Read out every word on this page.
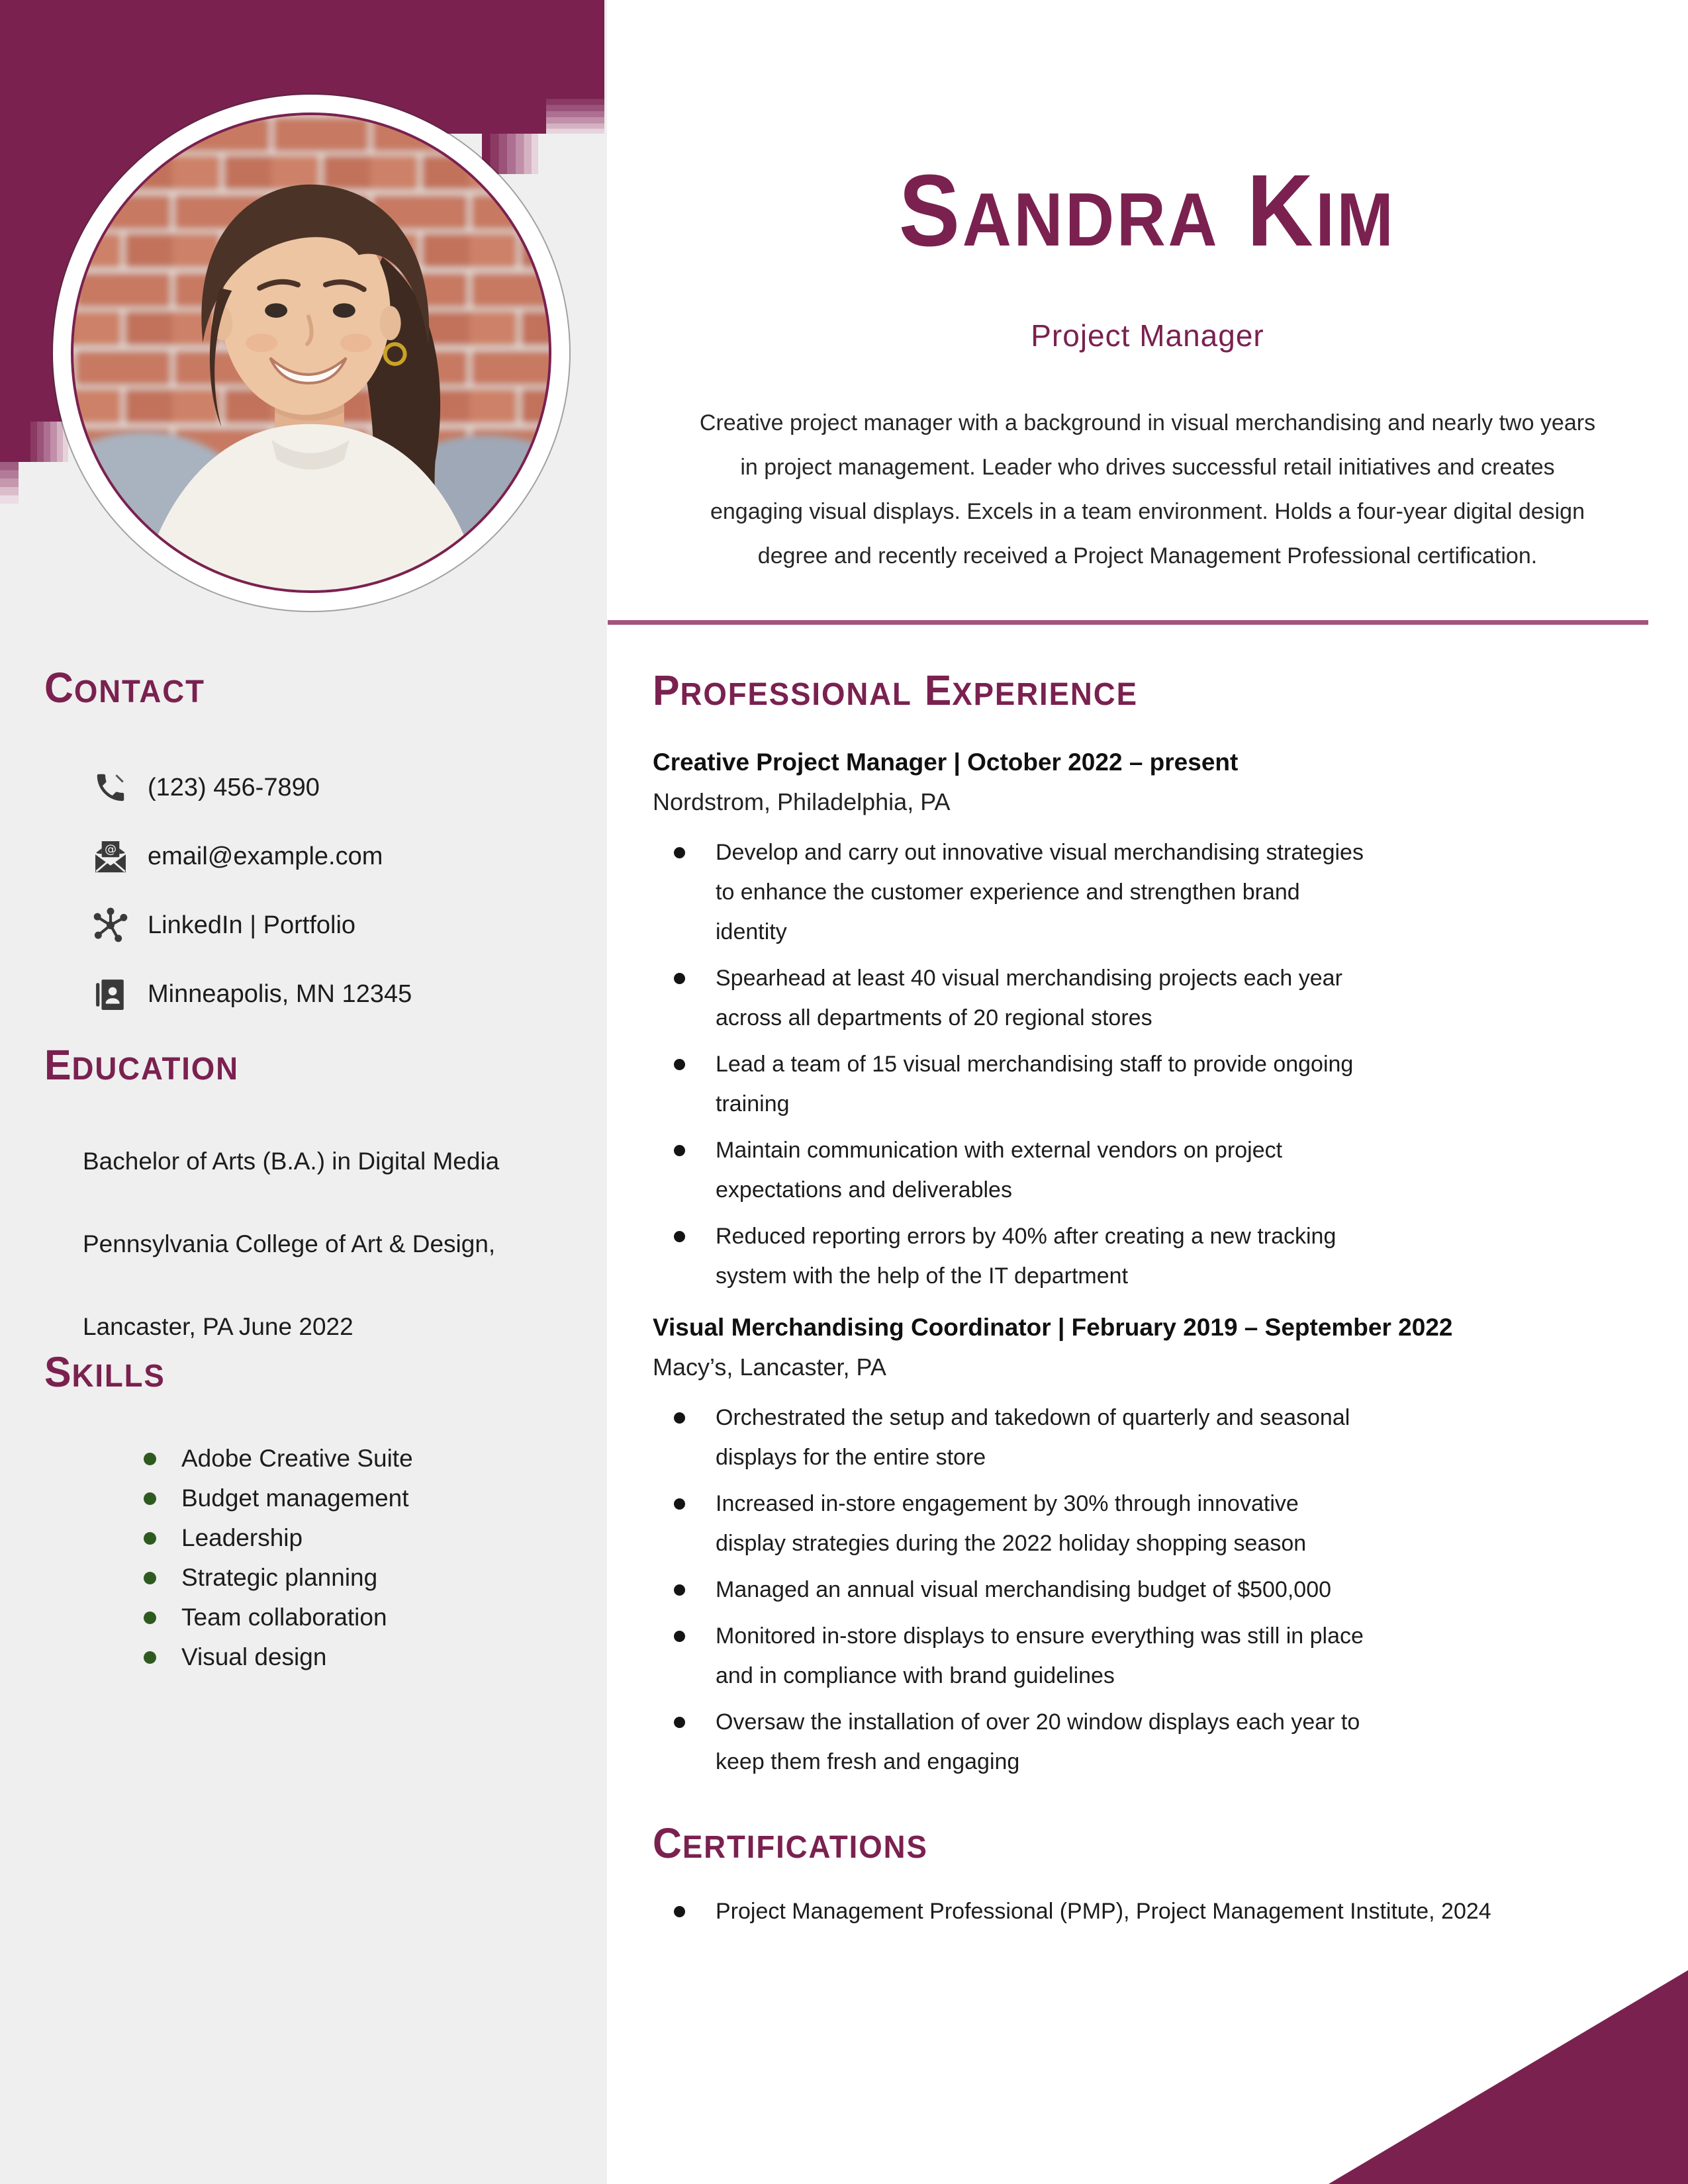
CONTACT
(123) 456-7890
@ email@example.com
LinkedIn | Portfolio
Minneapolis, MN 12345
EDUCATION
Bachelor of Arts (B.A.) in Digital Media
Pennsylvania College of Art & Design,
Lancaster, PA June 2022
SKILLS
Adobe Creative Suite
Budget management
Leadership
Strategic planning
Team collaboration
Visual design
SANDRA KIM
Project Manager

Creative project manager with a background in visual merchandising and nearly two years in project management. Leader who drives successful retail initiatives and creates engaging visual displays. Excels in a team environment. Holds a four-year digital design degree and recently received a Project Management Professional certification.

PROFESSIONAL EXPERIENCE
Creative Project Manager | October 2022 – present
Nordstrom, Philadelphia, PA
Develop and carry out innovative visual merchandising strategies to enhance the customer experience and strengthen brand identity
Spearhead at least 40 visual merchandising projects each year across all departments of 20 regional stores
Lead a team of 15 visual merchandising staff to provide ongoing training
Maintain communication with external vendors on project expectations and deliverables
Reduced reporting errors by 40% after creating a new tracking system with the help of the IT department
Visual Merchandising Coordinator | February 2019 – September 2022
Macy’s, Lancaster, PA
Orchestrated the setup and takedown of quarterly and seasonal displays for the entire store
Increased in-store engagement by 30% through innovative display strategies during the 2022 holiday shopping season
Managed an annual visual merchandising budget of $500,000
Monitored in-store displays to ensure everything was still in place and in compliance with brand guidelines
Oversaw the installation of over 20 window displays each year to keep them fresh and engaging
CERTIFICATIONS
Project Management Professional (PMP), Project Management Institute, 2024
